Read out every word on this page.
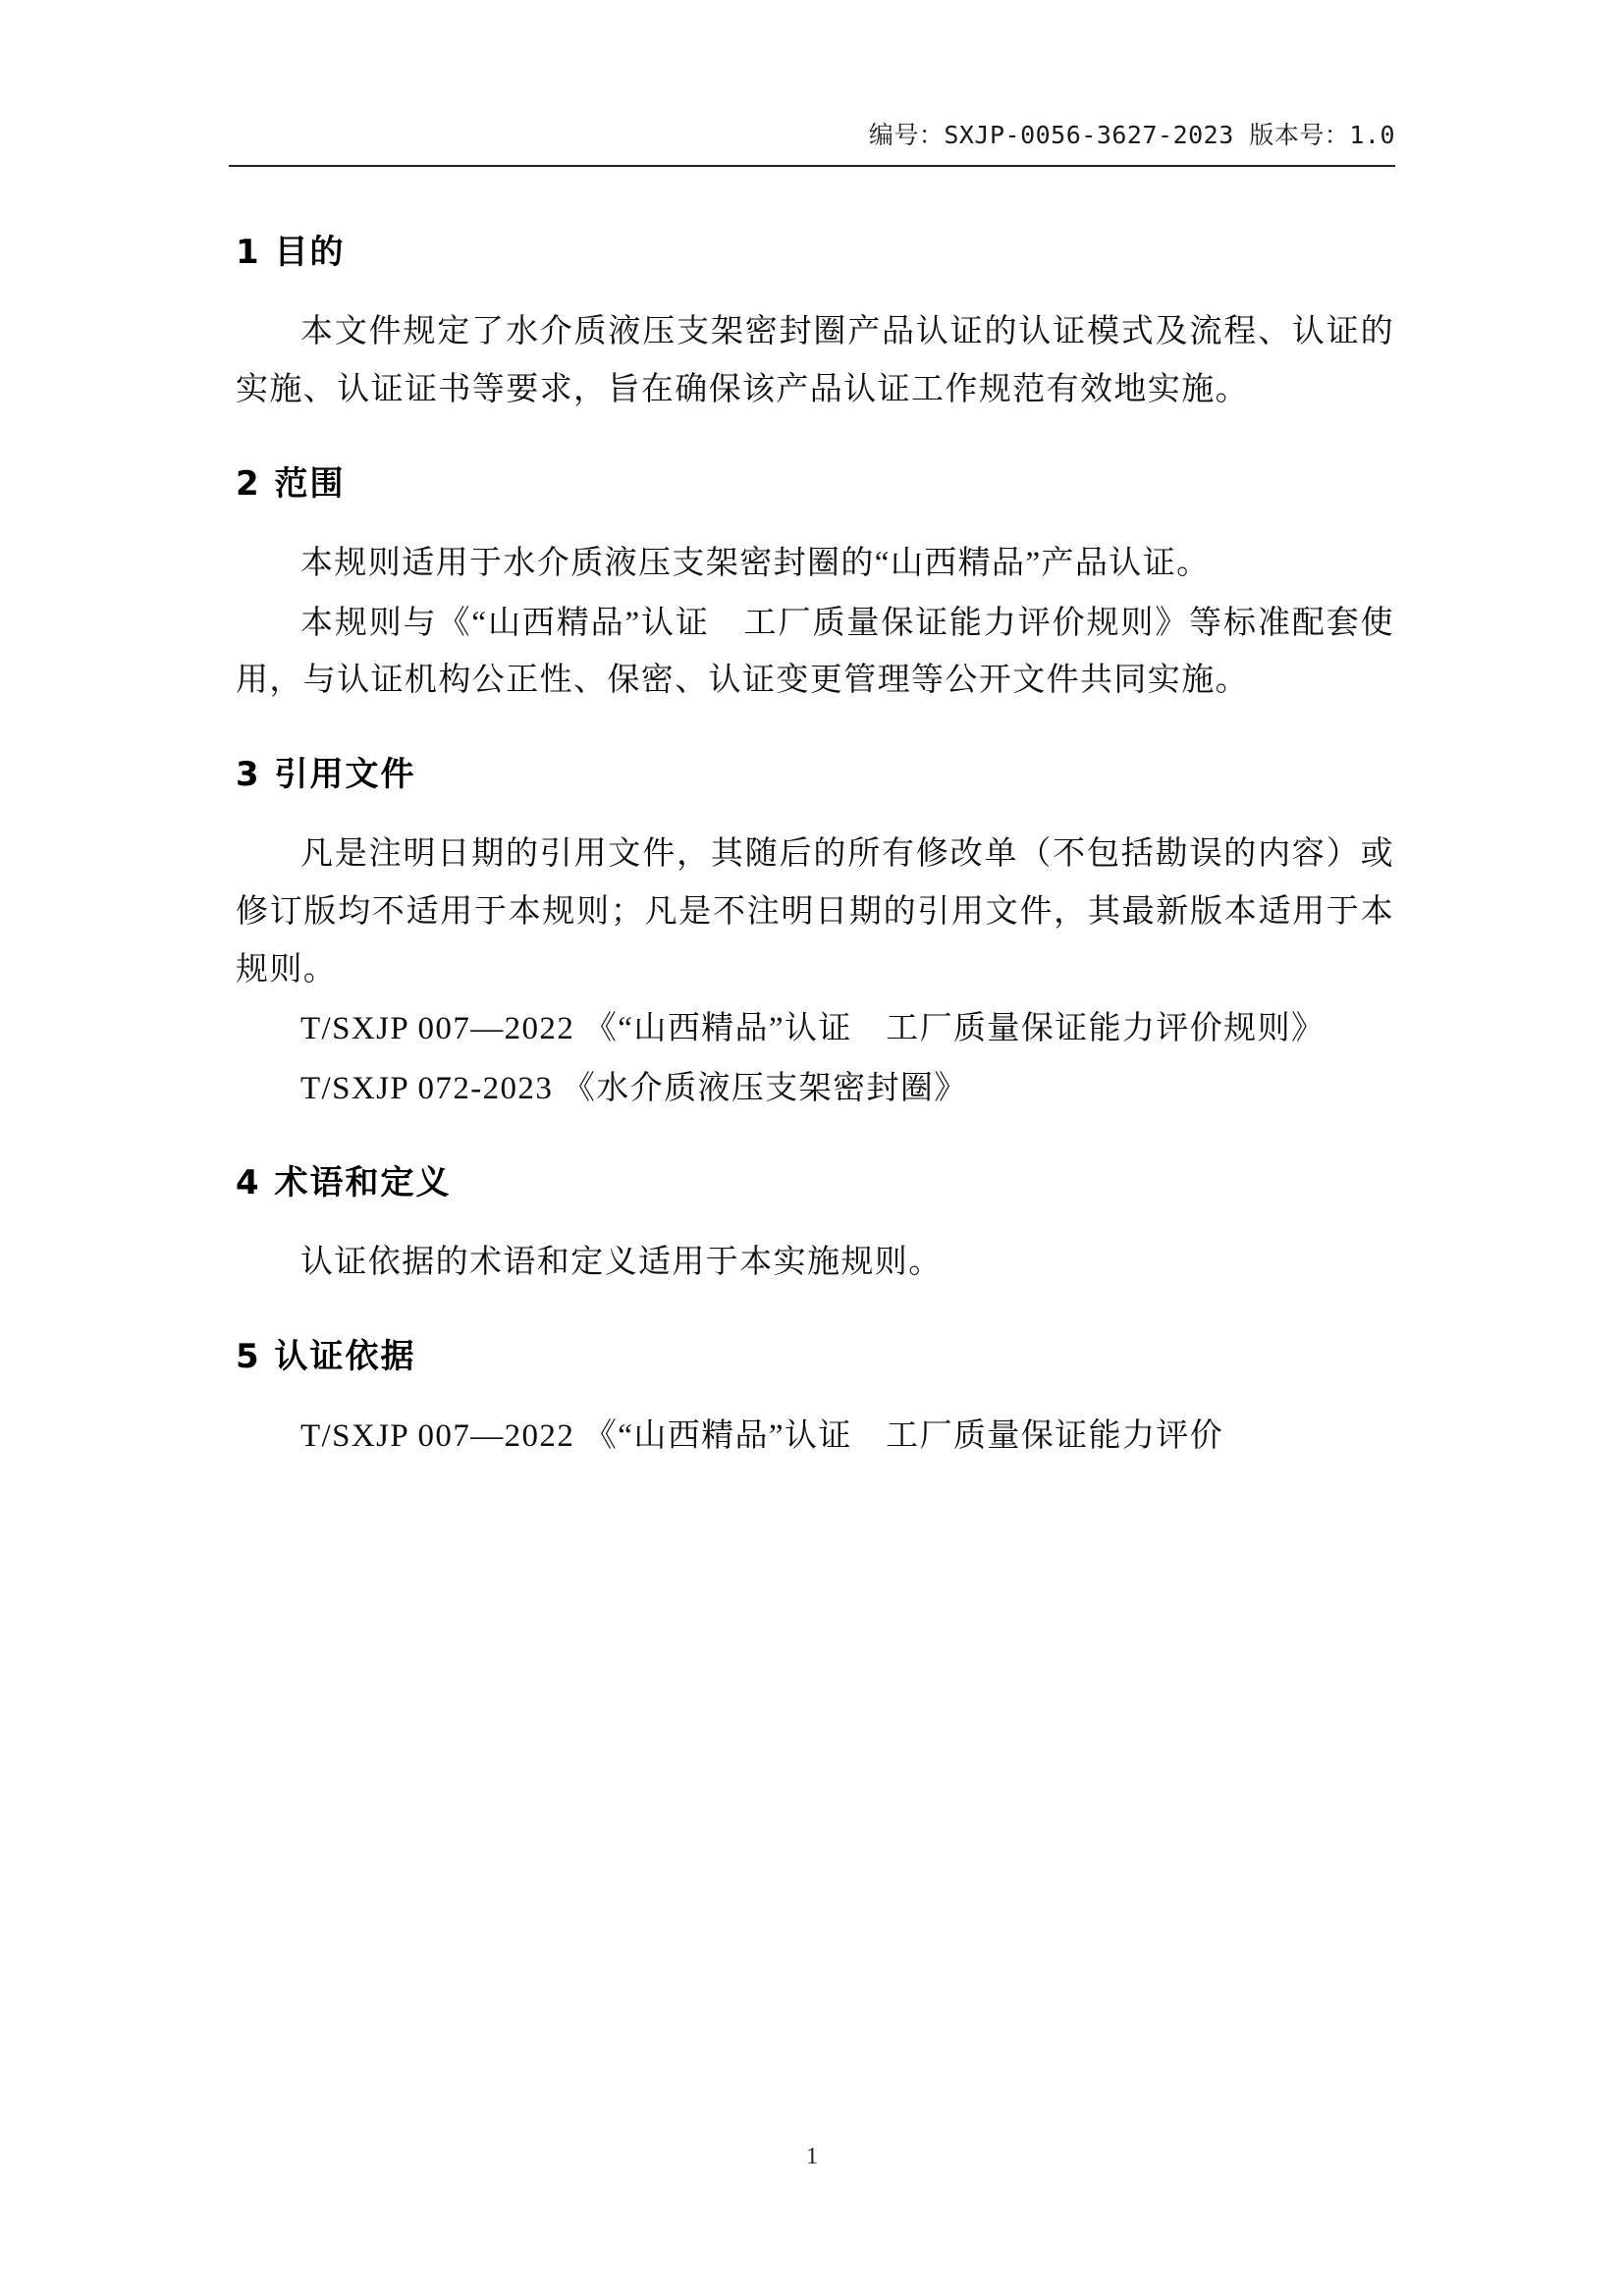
编号：SXJP-0056-3627-2023 版本号：1.0
1 目的

本文件规定了水介质液压支架密封圈产品认证的认证模式及流程、认证的实施、认证证书等要求，旨在确保该产品认证工作规范有效地实施。

2 范围

本规则适用于水介质液压支架密封圈的“山西精品”产品认证。

本规则与《“山西精品”认证　工厂质量保证能力评价规则》等标准配套使用，与认证机构公正性、保密、认证变更管理等公开文件共同实施。

3 引用文件

凡是注明日期的引用文件，其随后的所有修改单（不包括勘误的内容）或修订版均不适用于本规则；凡是不注明日期的引用文件，其最新版本适用于本规则。

T/SXJP 007—2022 《“山西精品”认证　工厂质量保证能力评价规则》

T/SXJP 072-2023 《水介质液压支架密封圈》

4 术语和定义

认证依据的术语和定义适用于本实施规则。

5 认证依据

T/SXJP 007—2022 《“山西精品”认证　工厂质量保证能力评价

1
